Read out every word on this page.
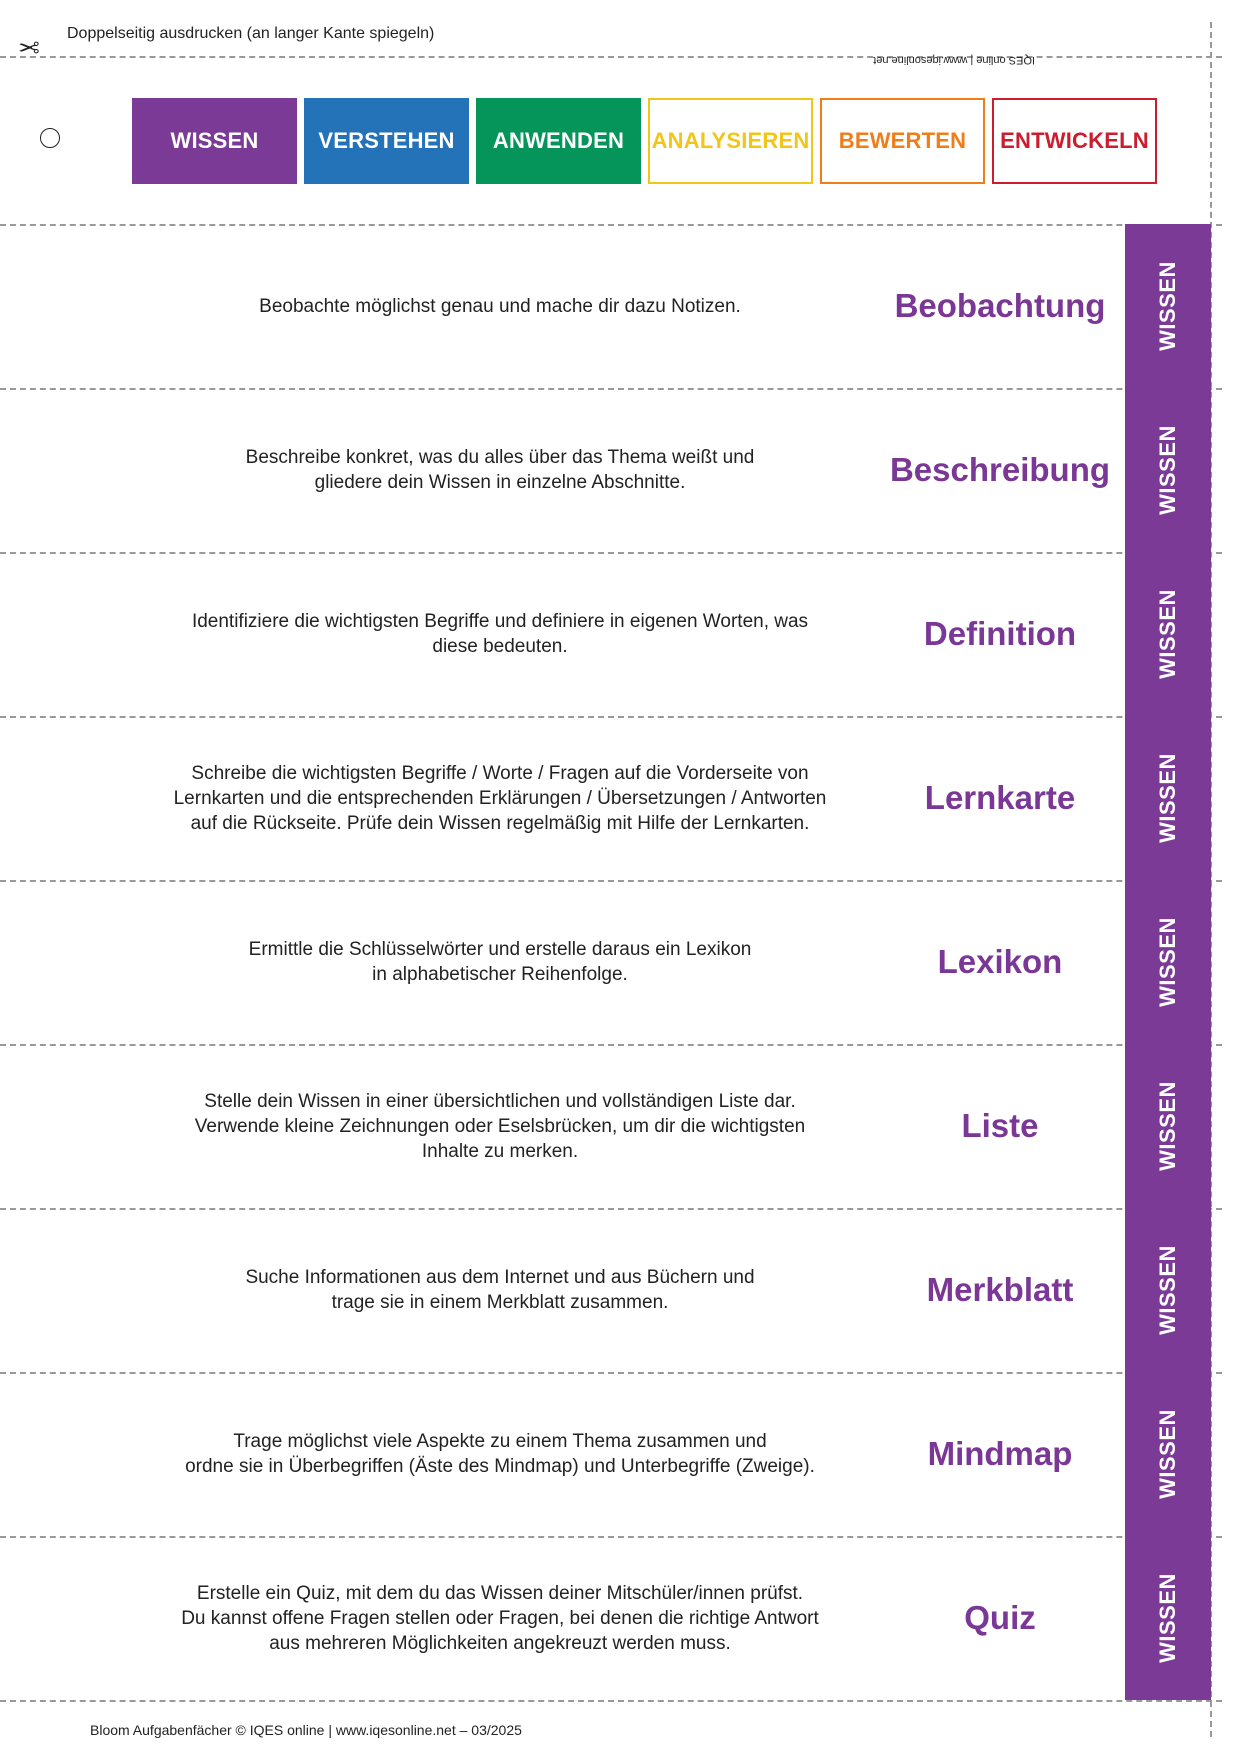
✂ Doppelseitig ausdrucken (an langer Kante spiegeln)
IQES online | www.iqesonline.net
WISSEN	VERSTEHEN	ANWENDEN	ANALYSIEREN	BEWERTEN	ENTWICKELN
Beobachte möglichst genau und mache dir dazu Notizen.	Beobachtung	WISSEN
Beschreibe konkret, was du alles über das Thema weißt und
gliedere dein Wissen in einzelne Abschnitte.	Beschreibung	WISSEN
Identifiziere die wichtigsten Begriffe und definiere in eigenen Worten, was
diese bedeuten.	Definition	WISSEN
Schreibe die wichtigsten Begriffe / Worte / Fragen auf die Vorderseite von
Lernkarten und die entsprechenden Erklärungen / Übersetzungen / Antworten
auf die Rückseite. Prüfe dein Wissen regelmäßig mit Hilfe der Lernkarten.
Lernkarte	WISSEN
Ermittle die Schlüsselwörter und erstelle daraus ein Lexikon
in alphabetischer Reihenfolge.	Lexikon	WISSEN
Stelle dein Wissen in einer übersichtlichen und vollständigen Liste dar.
Verwende kleine Zeichnungen oder Eselsbrücken, um dir die wichtigsten
Inhalte zu merken.
Liste	WISSEN
Suche Informationen aus dem Internet und aus Büchern und
trage sie in einem Merkblatt zusammen.	Merkblatt	WISSEN
Trage möglichst viele Aspekte zu einem Thema zusammen und
ordne sie in Überbegriffen (Äste des Mindmap) und Unterbegriffe (Zweige).	Mindmap	WISSEN
Erstelle ein Quiz, mit dem du das Wissen deiner Mitschüler/innen prüfst.
Du kannst offene Fragen stellen oder Fragen, bei denen die richtige Antwort
aus mehreren Möglichkeiten angekreuzt werden muss.
Quiz	WISSEN
Bloom Aufgabenfächer © IQES online | www.iqesonline.net – 03/2025
